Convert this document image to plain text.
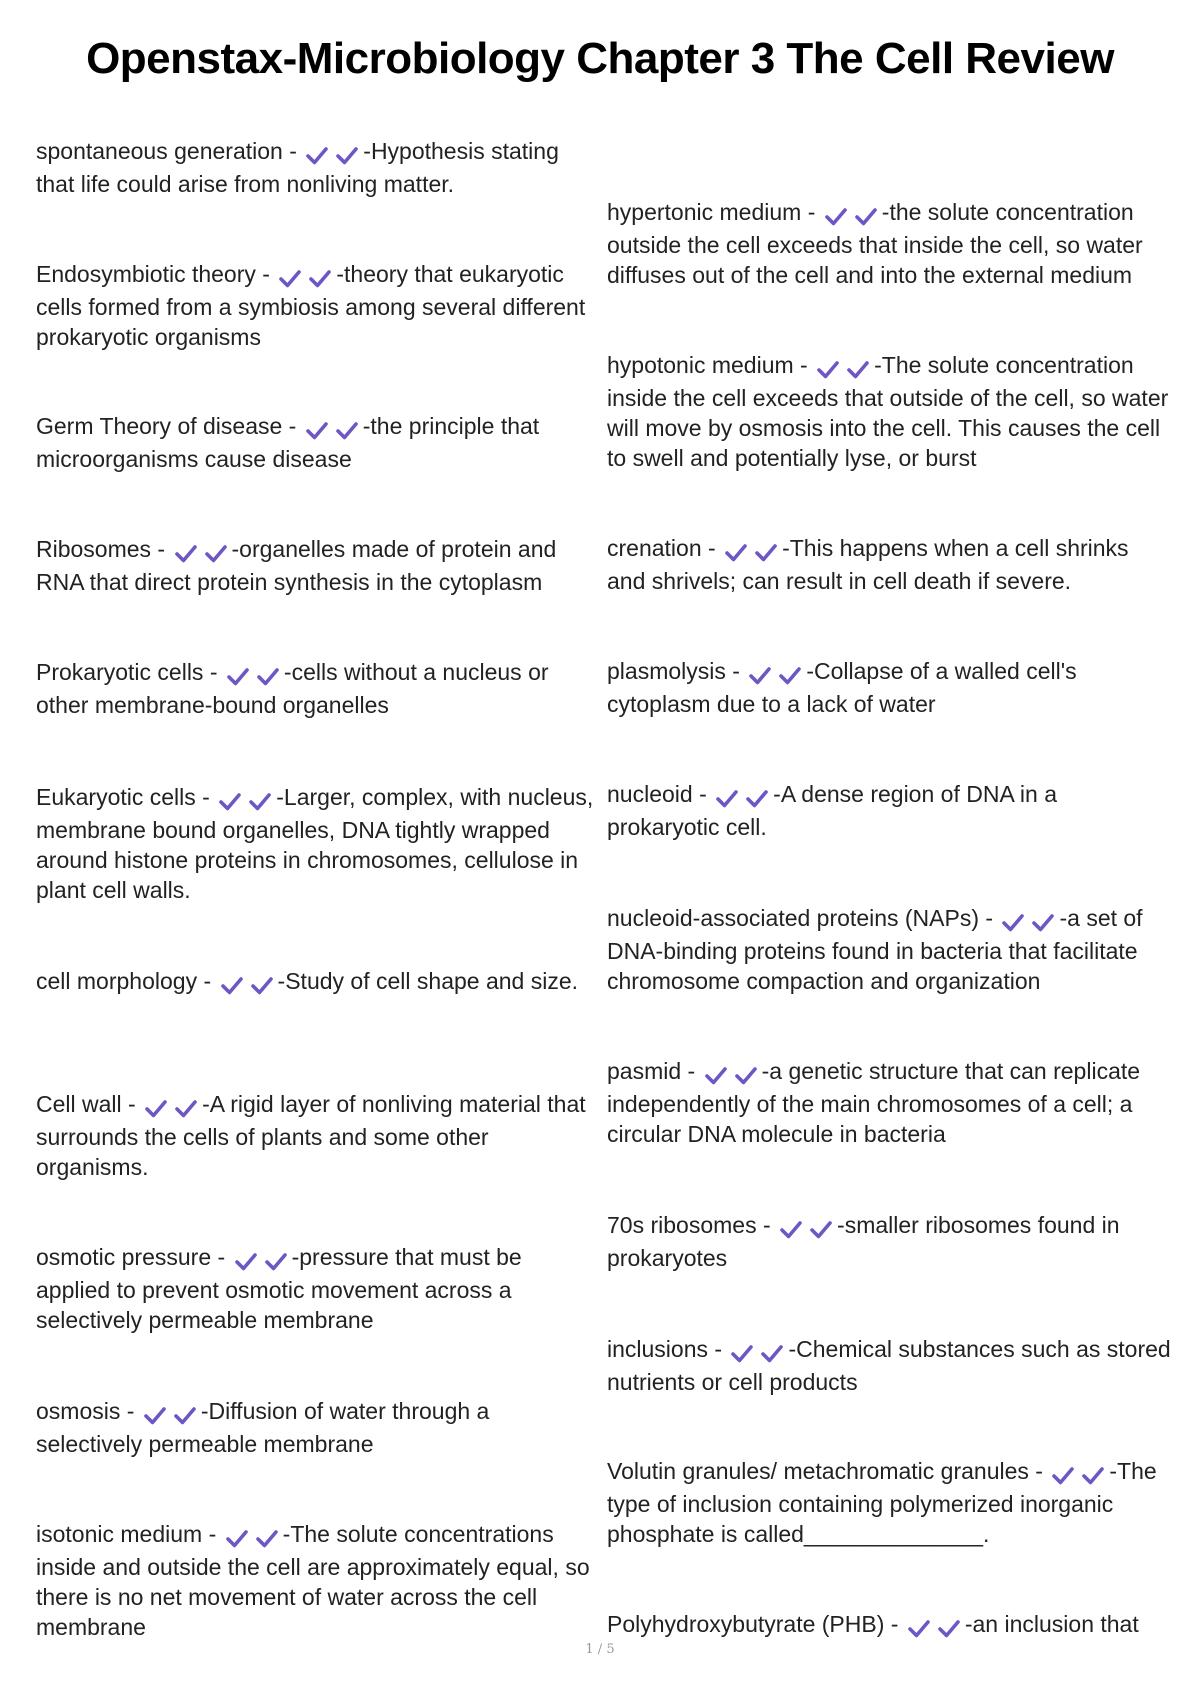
Openstax-Microbiology Chapter 3 The Cell Review
spontaneous generation -	-Hypothesis stating that life could arise from nonliving matter.
Endosymbiotic theory -	-theory that eukaryotic cells formed from a symbiosis among several different prokaryotic organisms
Germ Theory of disease -	-the principle that microorganisms cause disease
Ribosomes -	-organelles made of protein and RNA that direct protein synthesis in the cytoplasm
Prokaryotic cells -	-cells without a nucleus or other membrane-bound organelles
Eukaryotic cells -	-Larger, complex, with nucleus, membrane bound organelles, DNA tightly wrapped around histone proteins in chromosomes, cellulose in plant cell walls.
cell morphology -	-Study of cell shape and size.
Cell wall -	-A rigid layer of nonliving material that surrounds the cells of plants and some other organisms.
osmotic pressure -	-pressure that must be applied to prevent osmotic movement across a selectively permeable membrane
osmosis -	-Diffusion of water through a selectively permeable membrane
isotonic medium -	-The solute concentrations inside and outside the cell are approximately equal, so there is no net movement of water across the cell membrane
hypertonic medium -	-the solute concentration outside the cell exceeds that inside the cell, so water diffuses out of the cell and into the external medium
hypotonic medium -	-The solute concentration inside the cell exceeds that outside of the cell, so water will move by osmosis into the cell. This causes the cell to swell and potentially lyse, or burst
crenation -	-This happens when a cell shrinks and shrivels; can result in cell death if severe.
plasmolysis -	-Collapse of a walled cell's cytoplasm due to a lack of water
nucleoid -	-A dense region of DNA in a prokaryotic cell.
nucleoid-associated proteins (NAPs) -	-a set of DNA-binding proteins found in bacteria that facilitate chromosome compaction and organization
pasmid -	-a genetic structure that can replicate independently of the main chromosomes of a cell; a circular DNA molecule in bacteria
70s ribosomes -	-smaller ribosomes found in prokaryotes
inclusions -	-Chemical substances such as stored nutrients or cell products
Volutin granules/ metachromatic granules -	-The type of inclusion containing polymerized inorganic phosphate is called______________.
Polyhydroxybutyrate (PHB) -	-an inclusion that
1 / 5
